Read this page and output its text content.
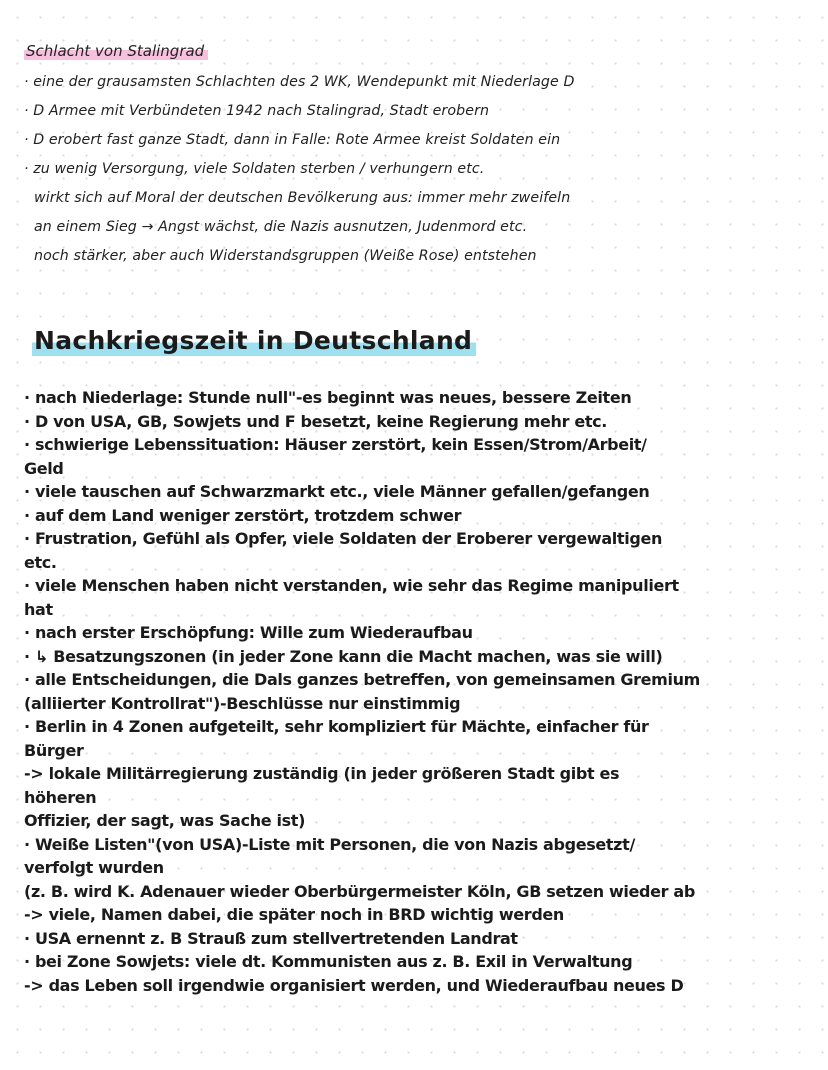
Schlacht von Stalingrad
· eine der grausamsten Schlachten des 2 WK, Wendepunkt mit Niederlage D
· D Armee mit Verbündeten 1942 nach Stalingrad, Stadt erobern
· D erobert fast ganze Stadt, dann in Falle: Rote Armee kreist Soldaten ein
· zu wenig Versorgung, viele Soldaten sterben / verhungern etc.
wirkt sich auf Moral der deutschen Bevölkerung aus: immer mehr zweifeln
an einem Sieg → Angst wächst, die Nazis ausnutzen, Judenmord etc.
noch stärker, aber auch Widerstandsgruppen (Weiße Rose) entstehen
Nachkriegszeit in Deutschland
· nach Niederlage: Stunde null"-es beginnt was neues, bessere Zeiten
· D von USA, GB, Sowjets und F besetzt, keine Regierung mehr etc.
· schwierige Lebenssituation: Häuser zerstört, kein Essen/Strom/Arbeit/
Geld
· viele tauschen auf Schwarzmarkt etc., viele Männer gefallen/gefangen
· auf dem Land weniger zerstört, trotzdem schwer
· Frustration, Gefühl als Opfer, viele Soldaten der Eroberer vergewaltigen
etc.
· viele Menschen haben nicht verstanden, wie sehr das Regime manipuliert
hat
· nach erster Erschöpfung: Wille zum Wiederaufbau
· ↳ Besatzungszonen (in jeder Zone kann die Macht machen, was sie will)
· alle Entscheidungen, die Dals ganzes betreffen, von gemeinsamen Gremium
(alliierter Kontrollrat")-Beschlüsse nur einstimmig
· Berlin in 4 Zonen aufgeteilt, sehr kompliziert für Mächte, einfacher für
Bürger
-> lokale Militärregierung zuständig (in jeder größeren Stadt gibt es
höheren
Offizier, der sagt, was Sache ist)
· Weiße Listen"(von USA)-Liste mit Personen, die von Nazis abgesetzt/
verfolgt wurden
(z. B. wird K. Adenauer wieder Oberbürgermeister Köln, GB setzen wieder ab
-> viele, Namen dabei, die später noch in BRD wichtig werden
· USA ernennt z. B Strauß zum stellvertretenden Landrat
· bei Zone Sowjets: viele dt. Kommunisten aus z. B. Exil in Verwaltung
-> das Leben soll irgendwie organisiert werden, und Wiederaufbau neues D
